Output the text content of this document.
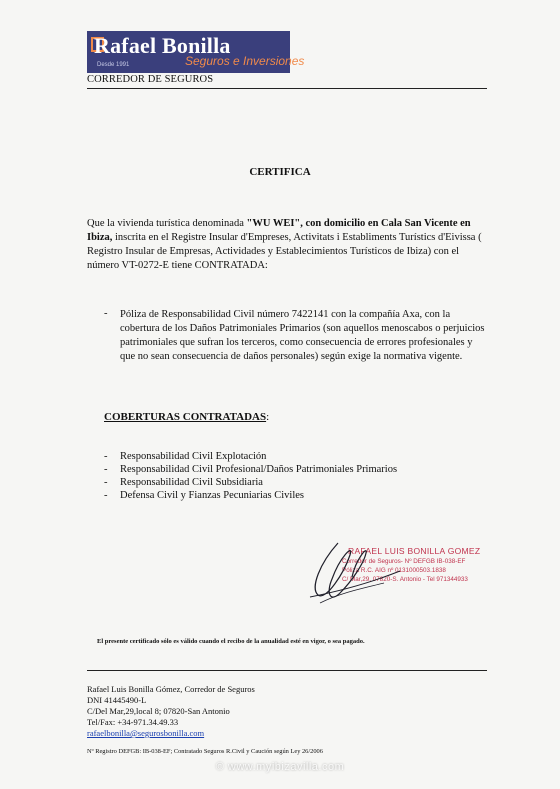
Rafael Bonilla
Seguros e Inversiones
Desde 1991
CORREDOR DE SEGUROS
CERTIFICA
Que la vivienda turística denominada "WU WEI", con domicilio en Cala San Vicente en Ibiza, inscrita en el Registre Insular d'Empreses, Activitats i Establiments Turístics d'Eivissa ( Registro Insular de Empresas, Actividades y Establecimientos Turísticos de Ibiza) con el número VT-0272-E tiene CONTRATADA:
- Póliza de Responsabilidad Civil número 7422141 con la compañía Axa, con la cobertura de los Daños Patrimoniales Primarios (son aquellos menoscabos o perjuicios patrimoniales que sufran los terceros, como consecuencia de errores profesionales y que no sean consecuencia de daños personales) según exige la normativa vigente.
COBERTURAS CONTRATADAS:
- Responsabilidad Civil Explotación
- Responsabilidad Civil Profesional/Daños Patrimoniales Primarios
- Responsabilidad Civil Subsidiaria
- Defensa Civil y Fianzas Pecuniarias Civiles
RAFAEL LUIS BONILLA GOMEZ
Corredor de Seguros- Nº DEFGB IB-038-EF
Póliza R.C. AIG nº 0131000503.1838
C/ Mar,29, 07820-S. Antonio - Tel 971344933
El presente certificado sólo es válido cuando el recibo de la anualidad esté en vigor, o sea pagado.
Rafael Luis Bonilla Gómez, Corredor de Seguros
DNI 41445490-L
C/Del Mar,29,local 8; 07820-San Antonio
Tel/Fax: +34-971.34.49.33
rafaelbonilla@segurosbonilla.com
Nº Registro DEFGB: IB-038-EF; Contratado Seguros R.Civil y Caución según Ley 26/2006
© www.myibizavilla.com
